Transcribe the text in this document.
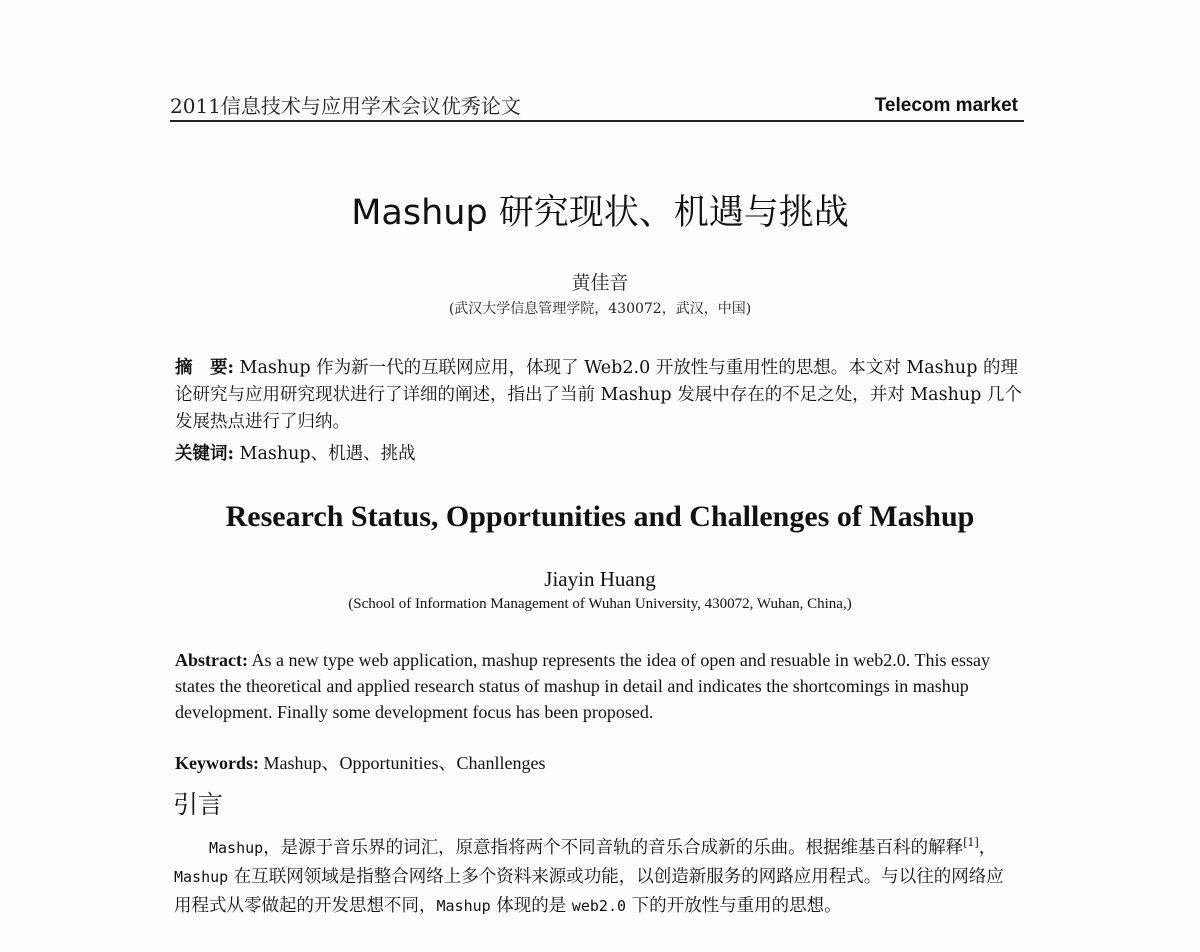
2011信息技术与应用学术会议优秀论文	Telecom market
Mashup 研究现状、机遇与挑战
黄佳音
(武汉大学信息管理学院，430072，武汉，中国)
摘　要: Mashup 作为新一代的互联网应用，体现了 Web2.0 开放性与重用性的思想。本文对 Mashup 的理论研究与应用研究现状进行了详细的阐述，指出了当前 Mashup 发展中存在的不足之处，并对 Mashup 几个发展热点进行了归纳。
关键词: Mashup、机遇、挑战
Research Status, Opportunities and Challenges of Mashup
Jiayin Huang
(School of Information Management of Wuhan University, 430072, Wuhan, China,)
Abstract: As a new type web application, mashup represents the idea of open and resuable in web2.0. This essay states the theoretical and applied research status of mashup in detail and indicates the shortcomings in mashup development. Finally some development focus has been proposed.
Keywords: Mashup、Opportunities、Chanllenges
引言
Mashup，是源于音乐界的词汇，原意指将两个不同音轨的音乐合成新的乐曲。根据维基百科的解释[1]，Mashup 在互联网领域是指整合网络上多个资料来源或功能，以创造新服务的网路应用程式。与以往的网络应用程式从零做起的开发思想不同，Mashup 体现的是 web2.0 下的开放性与重用的思想。
